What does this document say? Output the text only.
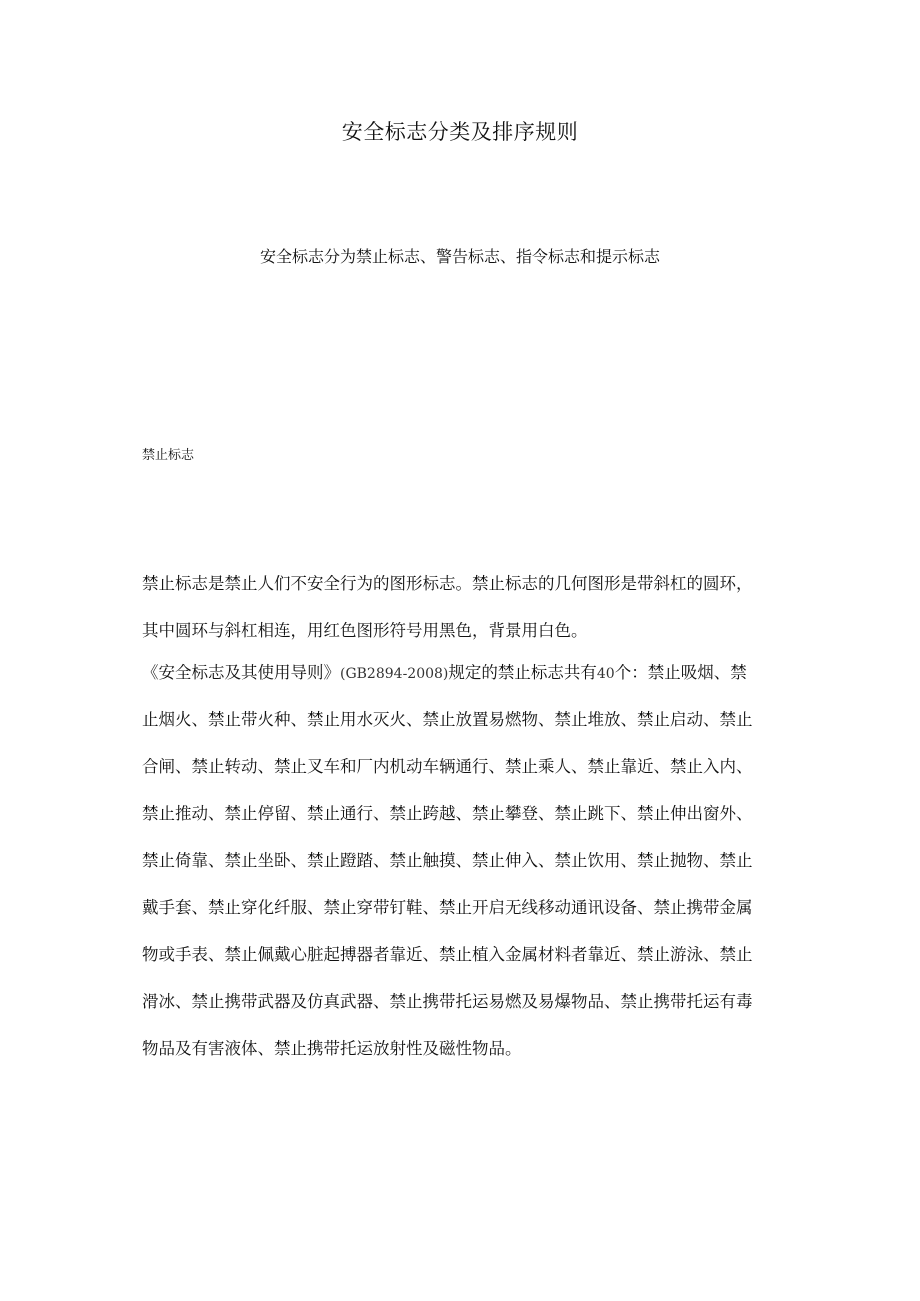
安全标志分类及排序规则
安全标志分为禁止标志、警告标志、指令标志和提示标志
禁止标志
禁止标志是禁止人们不安全行为的图形标志。禁止标志的几何图形是带斜杠的圆环，
其中圆环与斜杠相连，用红色图形符号用黑色，背景用白色。
《安全标志及其使用导则》(GB2894-2008)规定的禁止标志共有40个：禁止吸烟、禁
止烟火、禁止带火种、禁止用水灭火、禁止放置易燃物、禁止堆放、禁止启动、禁止
合闸、禁止转动、禁止叉车和厂内机动车辆通行、禁止乘人、禁止靠近、禁止入内、
禁止推动、禁止停留、禁止通行、禁止跨越、禁止攀登、禁止跳下、禁止伸出窗外、
禁止倚靠、禁止坐卧、禁止蹬踏、禁止触摸、禁止伸入、禁止饮用、禁止抛物、禁止
戴手套、禁止穿化纤服、禁止穿带钉鞋、禁止开启无线移动通讯设备、禁止携带金属
物或手表、禁止佩戴心脏起搏器者靠近、禁止植入金属材料者靠近、禁止游泳、禁止
滑冰、禁止携带武器及仿真武器、禁止携带托运易燃及易爆物品、禁止携带托运有毒
物品及有害液体、禁止携带托运放射性及磁性物品。
